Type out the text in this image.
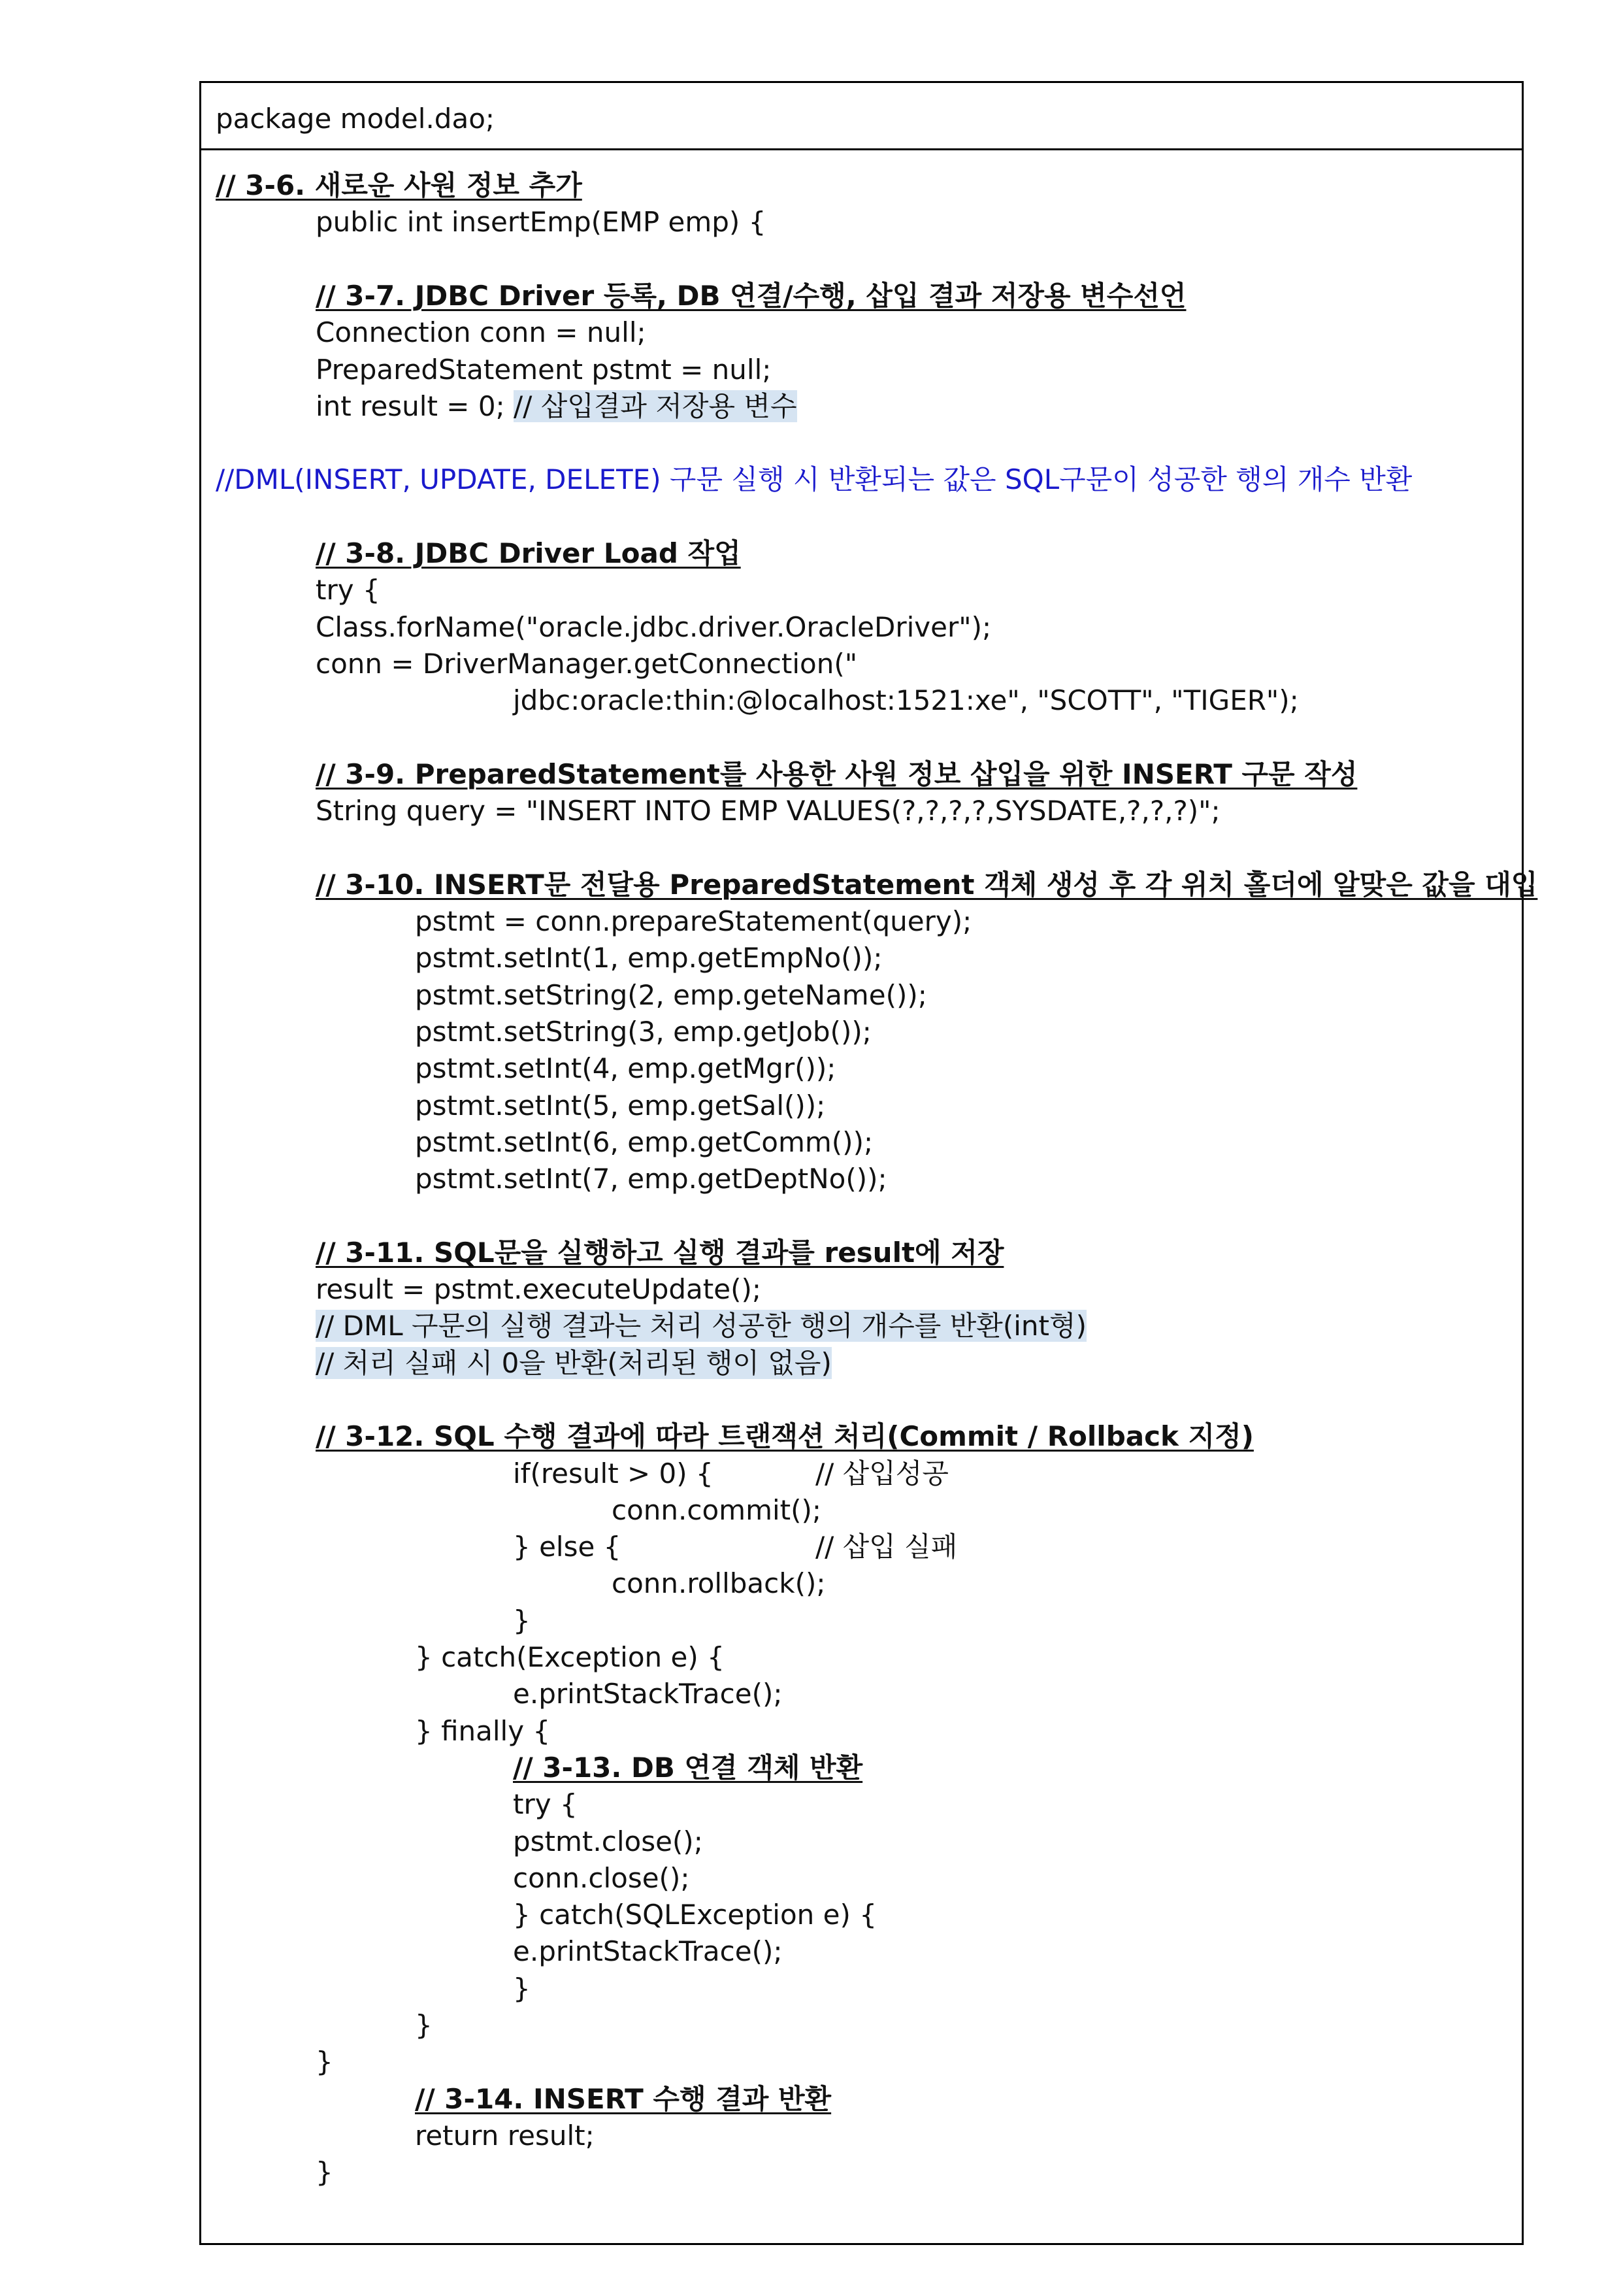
package model.dao;
// 3-6. 새로운 사원 정보 추가
public int insertEmp(EMP emp) {
// 3-7. JDBC Driver 등록, DB 연결/수행, 삽입 결과 저장용 변수선언
Connection conn = null;
PreparedStatement pstmt = null;
int result = 0; // 삽입결과 저장용 변수
//DML(INSERT, UPDATE, DELETE) 구문 실행 시 반환되는 값은 SQL구문이 성공한 행의 개수 반환
// 3-8. JDBC Driver Load 작업
try {
Class.forName("oracle.jdbc.driver.OracleDriver");
conn = DriverManager.getConnection("
jdbc:oracle:thin:@localhost:1521:xe", "SCOTT", "TIGER");
// 3-9. PreparedStatement를 사용한 사원 정보 삽입을 위한 INSERT 구문 작성
String query = "INSERT INTO EMP VALUES(?,?,?,?,SYSDATE,?,?,?)";
// 3-10. INSERT문 전달용 PreparedStatement 객체 생성 후 각 위치 홀더에 알맞은 값을 대입
pstmt = conn.prepareStatement(query);
pstmt.setInt(1, emp.getEmpNo());
pstmt.setString(2, emp.geteName());
pstmt.setString(3, emp.getJob());
pstmt.setInt(4, emp.getMgr());
pstmt.setInt(5, emp.getSal());
pstmt.setInt(6, emp.getComm());
pstmt.setInt(7, emp.getDeptNo());
// 3-11. SQL문을 실행하고 실행 결과를 result에 저장
result = pstmt.executeUpdate();
// DML 구문의 실행 결과는 처리 성공한 행의 개수를 반환(int형)
// 처리 실패 시 0을 반환(처리된 행이 없음)
// 3-12. SQL 수행 결과에 따라 트랜잭션 처리(Commit / Rollback 지정)
if(result > 0) {	// 삽입성공
conn.commit();
} else {	// 삽입 실패
conn.rollback();
}
} catch(Exception e) {
e.printStackTrace();
} finally {
// 3-13. DB 연결 객체 반환
try {
pstmt.close();
conn.close();
} catch(SQLException e) {
e.printStackTrace();
}
}
}
// 3-14. INSERT 수행 결과 반환
return result;
}
